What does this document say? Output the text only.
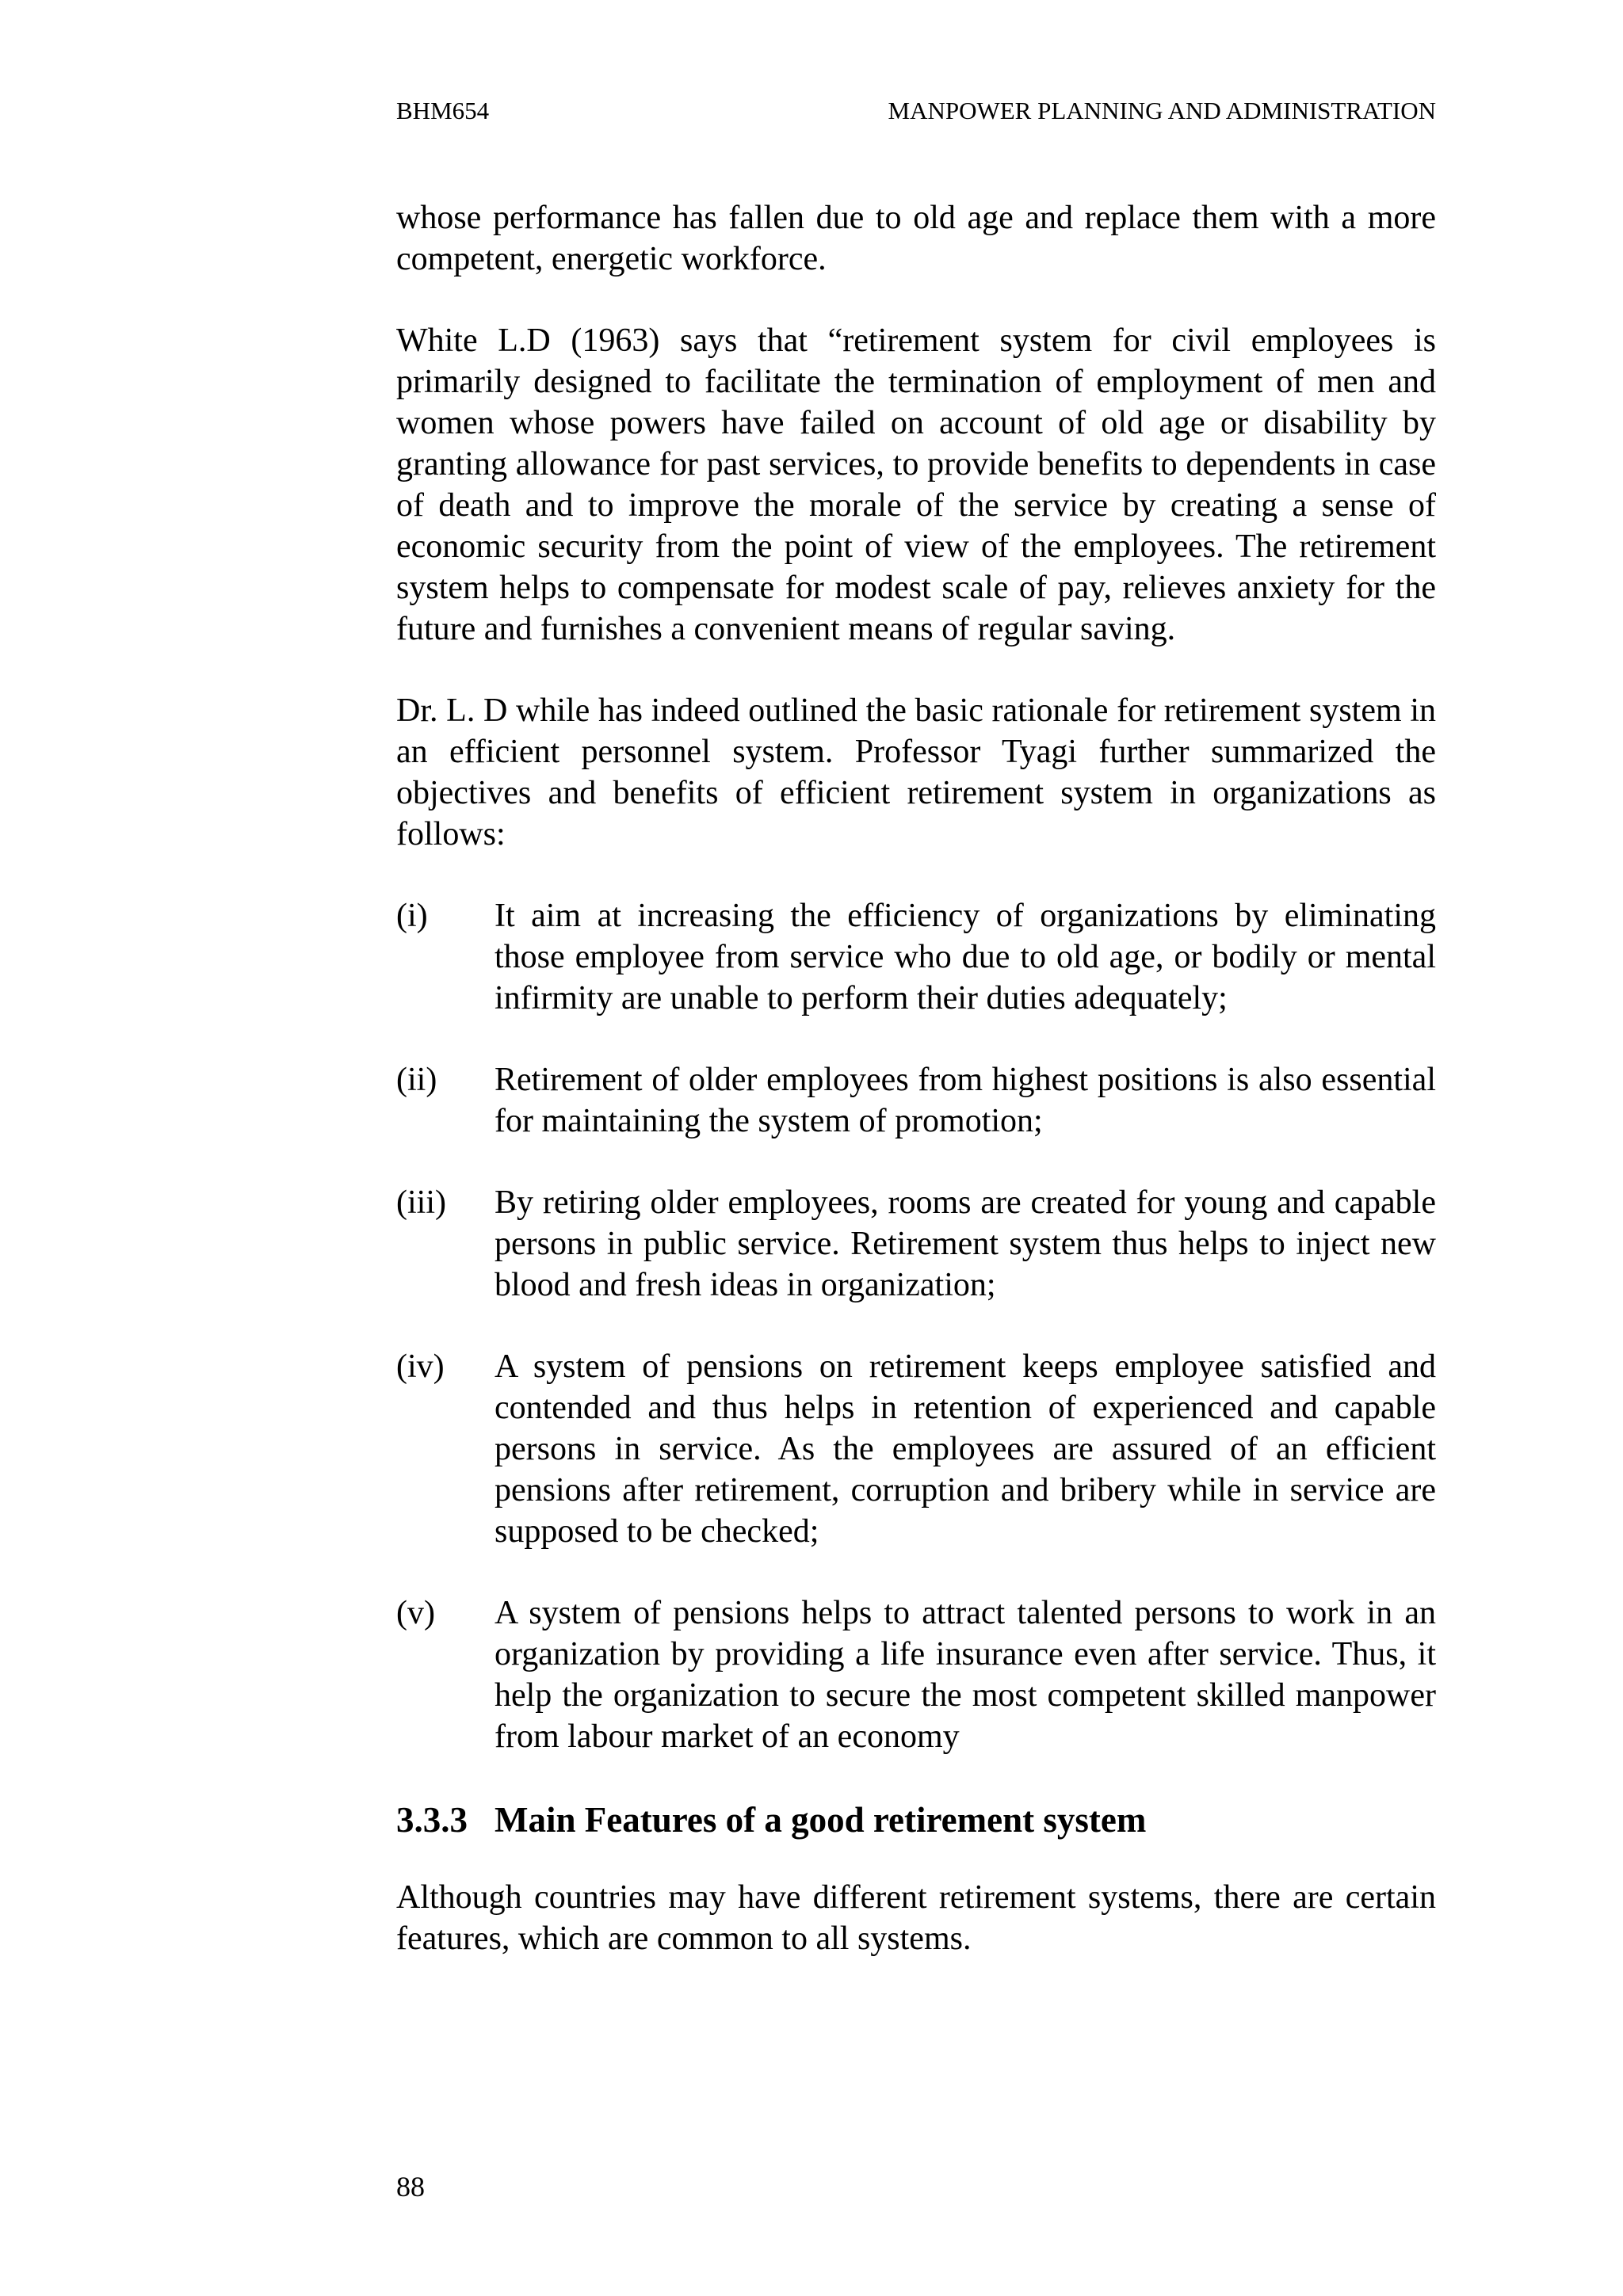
BHM654	MANPOWER PLANNING AND ADMINISTRATION

whose performance has fallen due to old age and replace them with a more competent, energetic workforce.

White L.D (1963) says that “retirement system for civil employees is primarily designed to facilitate the termination of employment of men and women whose powers have failed on account of old age or disability by granting allowance for past services, to provide benefits to dependents in case of death and to improve the morale of the service by creating a sense of economic security from the point of view of the employees. The retirement system helps to compensate for modest scale of pay, relieves anxiety for the future and furnishes a convenient means of regular saving.

Dr. L. D while has indeed outlined the basic rationale for retirement system in an efficient personnel system. Professor Tyagi further summarized the objectives and benefits of efficient retirement system in organizations as follows:

(i)	It aim at increasing the efficiency of organizations by eliminating those employee from service who due to old age, or bodily or mental infirmity are unable to perform their duties adequately;
(ii)	Retirement of older employees from highest positions is also essential for maintaining the system of promotion;
(iii)	By retiring older employees, rooms are created for young and capable persons in public service. Retirement system thus helps to inject new blood and fresh ideas in organization;
(iv)	A system of pensions on retirement keeps employee satisfied and contended and thus helps in retention of experienced and capable persons in service. As the employees are assured of an efficient pensions after retirement, corruption and bribery while in service are supposed to be checked;
(v)	A system of pensions helps to attract talented persons to work in an organization by providing a life insurance even after service. Thus, it help the organization to secure the most competent skilled manpower from labour market of an economy
3.3.3 Main Features of a good retirement system

Although countries may have different retirement systems, there are certain features, which are common to all systems.

88
